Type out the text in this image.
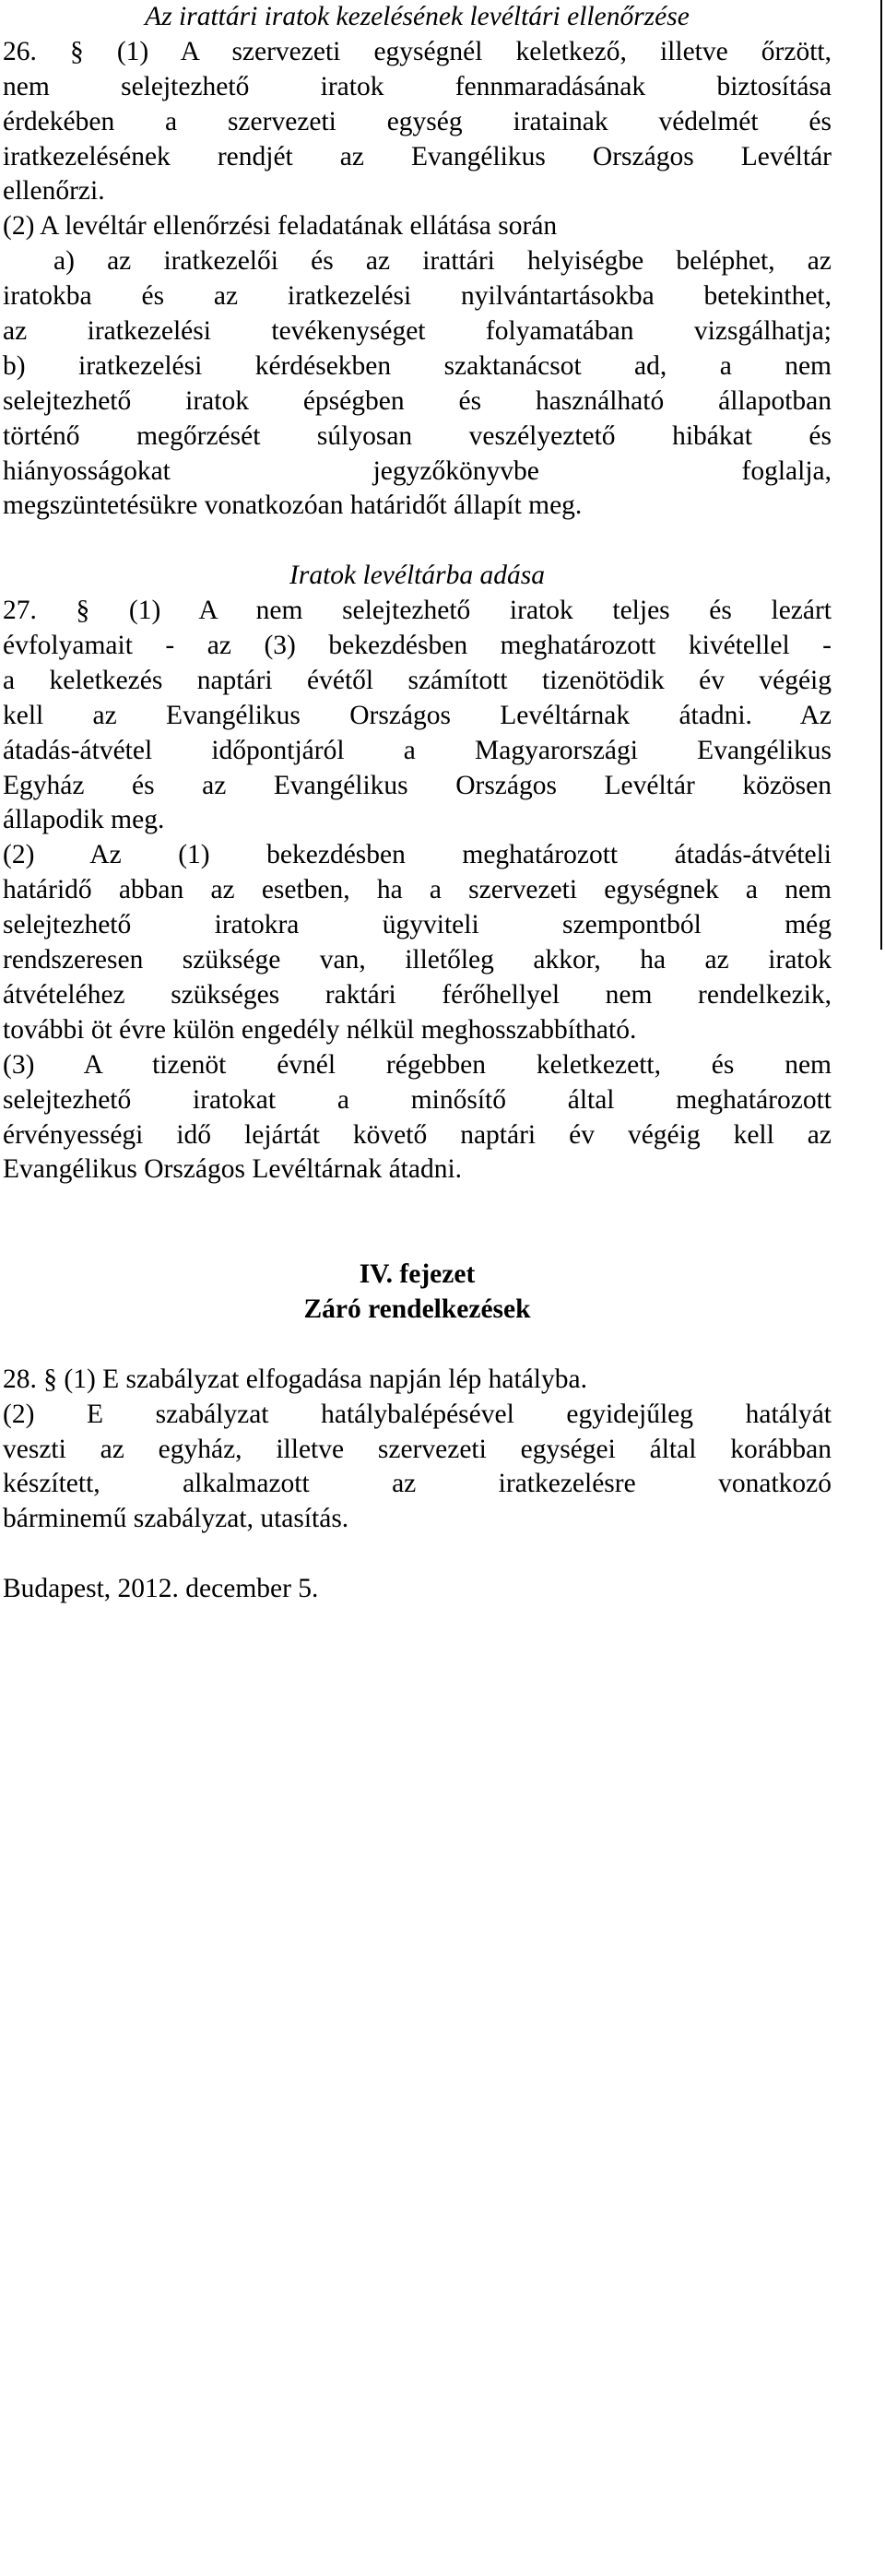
Az irattári iratok kezelésének levéltári ellenőrzése
26. § (1) A szervezeti egységnél keletkező, illetve őrzött,
nem selejtezhető iratok fennmaradásának biztosítása
érdekében a szervezeti egység iratainak védelmét és
iratkezelésének rendjét az Evangélikus Országos Levéltár
ellenőrzi.
(2) A levéltár ellenőrzési feladatának ellátása során
a) az iratkezelői és az irattári helyiségbe beléphet, az
iratokba és az iratkezelési nyilvántartásokba betekinthet,
az iratkezelési tevékenységet folyamatában vizsgálhatja;
b) iratkezelési kérdésekben szaktanácsot ad, a nem
selejtezhető iratok épségben és használható állapotban
történő megőrzését súlyosan veszélyeztető hibákat és
hiányosságokat jegyzőkönyvbe foglalja,
megszüntetésükre vonatkozóan határidőt állapít meg.
Iratok levéltárba adása
27. § (1) A nem selejtezhető iratok teljes és lezárt
évfolyamait - az (3) bekezdésben meghatározott kivétellel -
a keletkezés naptári évétől számított tizenötödik év végéig
kell az Evangélikus Országos Levéltárnak átadni. Az
átadás-átvétel időpontjáról a Magyarországi Evangélikus
Egyház és az Evangélikus Országos Levéltár közösen
állapodik meg.
(2) Az (1) bekezdésben meghatározott átadás-átvételi
határidő abban az esetben, ha a szervezeti egységnek a nem
selejtezhető iratokra ügyviteli szempontból még
rendszeresen szüksége van, illetőleg akkor, ha az iratok
átvételéhez szükséges raktári férőhellyel nem rendelkezik,
további öt évre külön engedély nélkül meghosszabbítható.
(3) A tizenöt évnél régebben keletkezett, és nem
selejtezhető iratokat a minősítő által meghatározott
érvényességi idő lejártát követő naptári év végéig kell az
Evangélikus Országos Levéltárnak átadni.
IV. fejezet
Záró rendelkezések
28. § (1) E szabályzat elfogadása napján lép hatályba.
(2) E szabályzat hatálybalépésével egyidejűleg hatályát
veszti az egyház, illetve szervezeti egységei által korábban
készített, alkalmazott az iratkezelésre vonatkozó
bárminemű szabályzat, utasítás.
Budapest, 2012. december 5.
